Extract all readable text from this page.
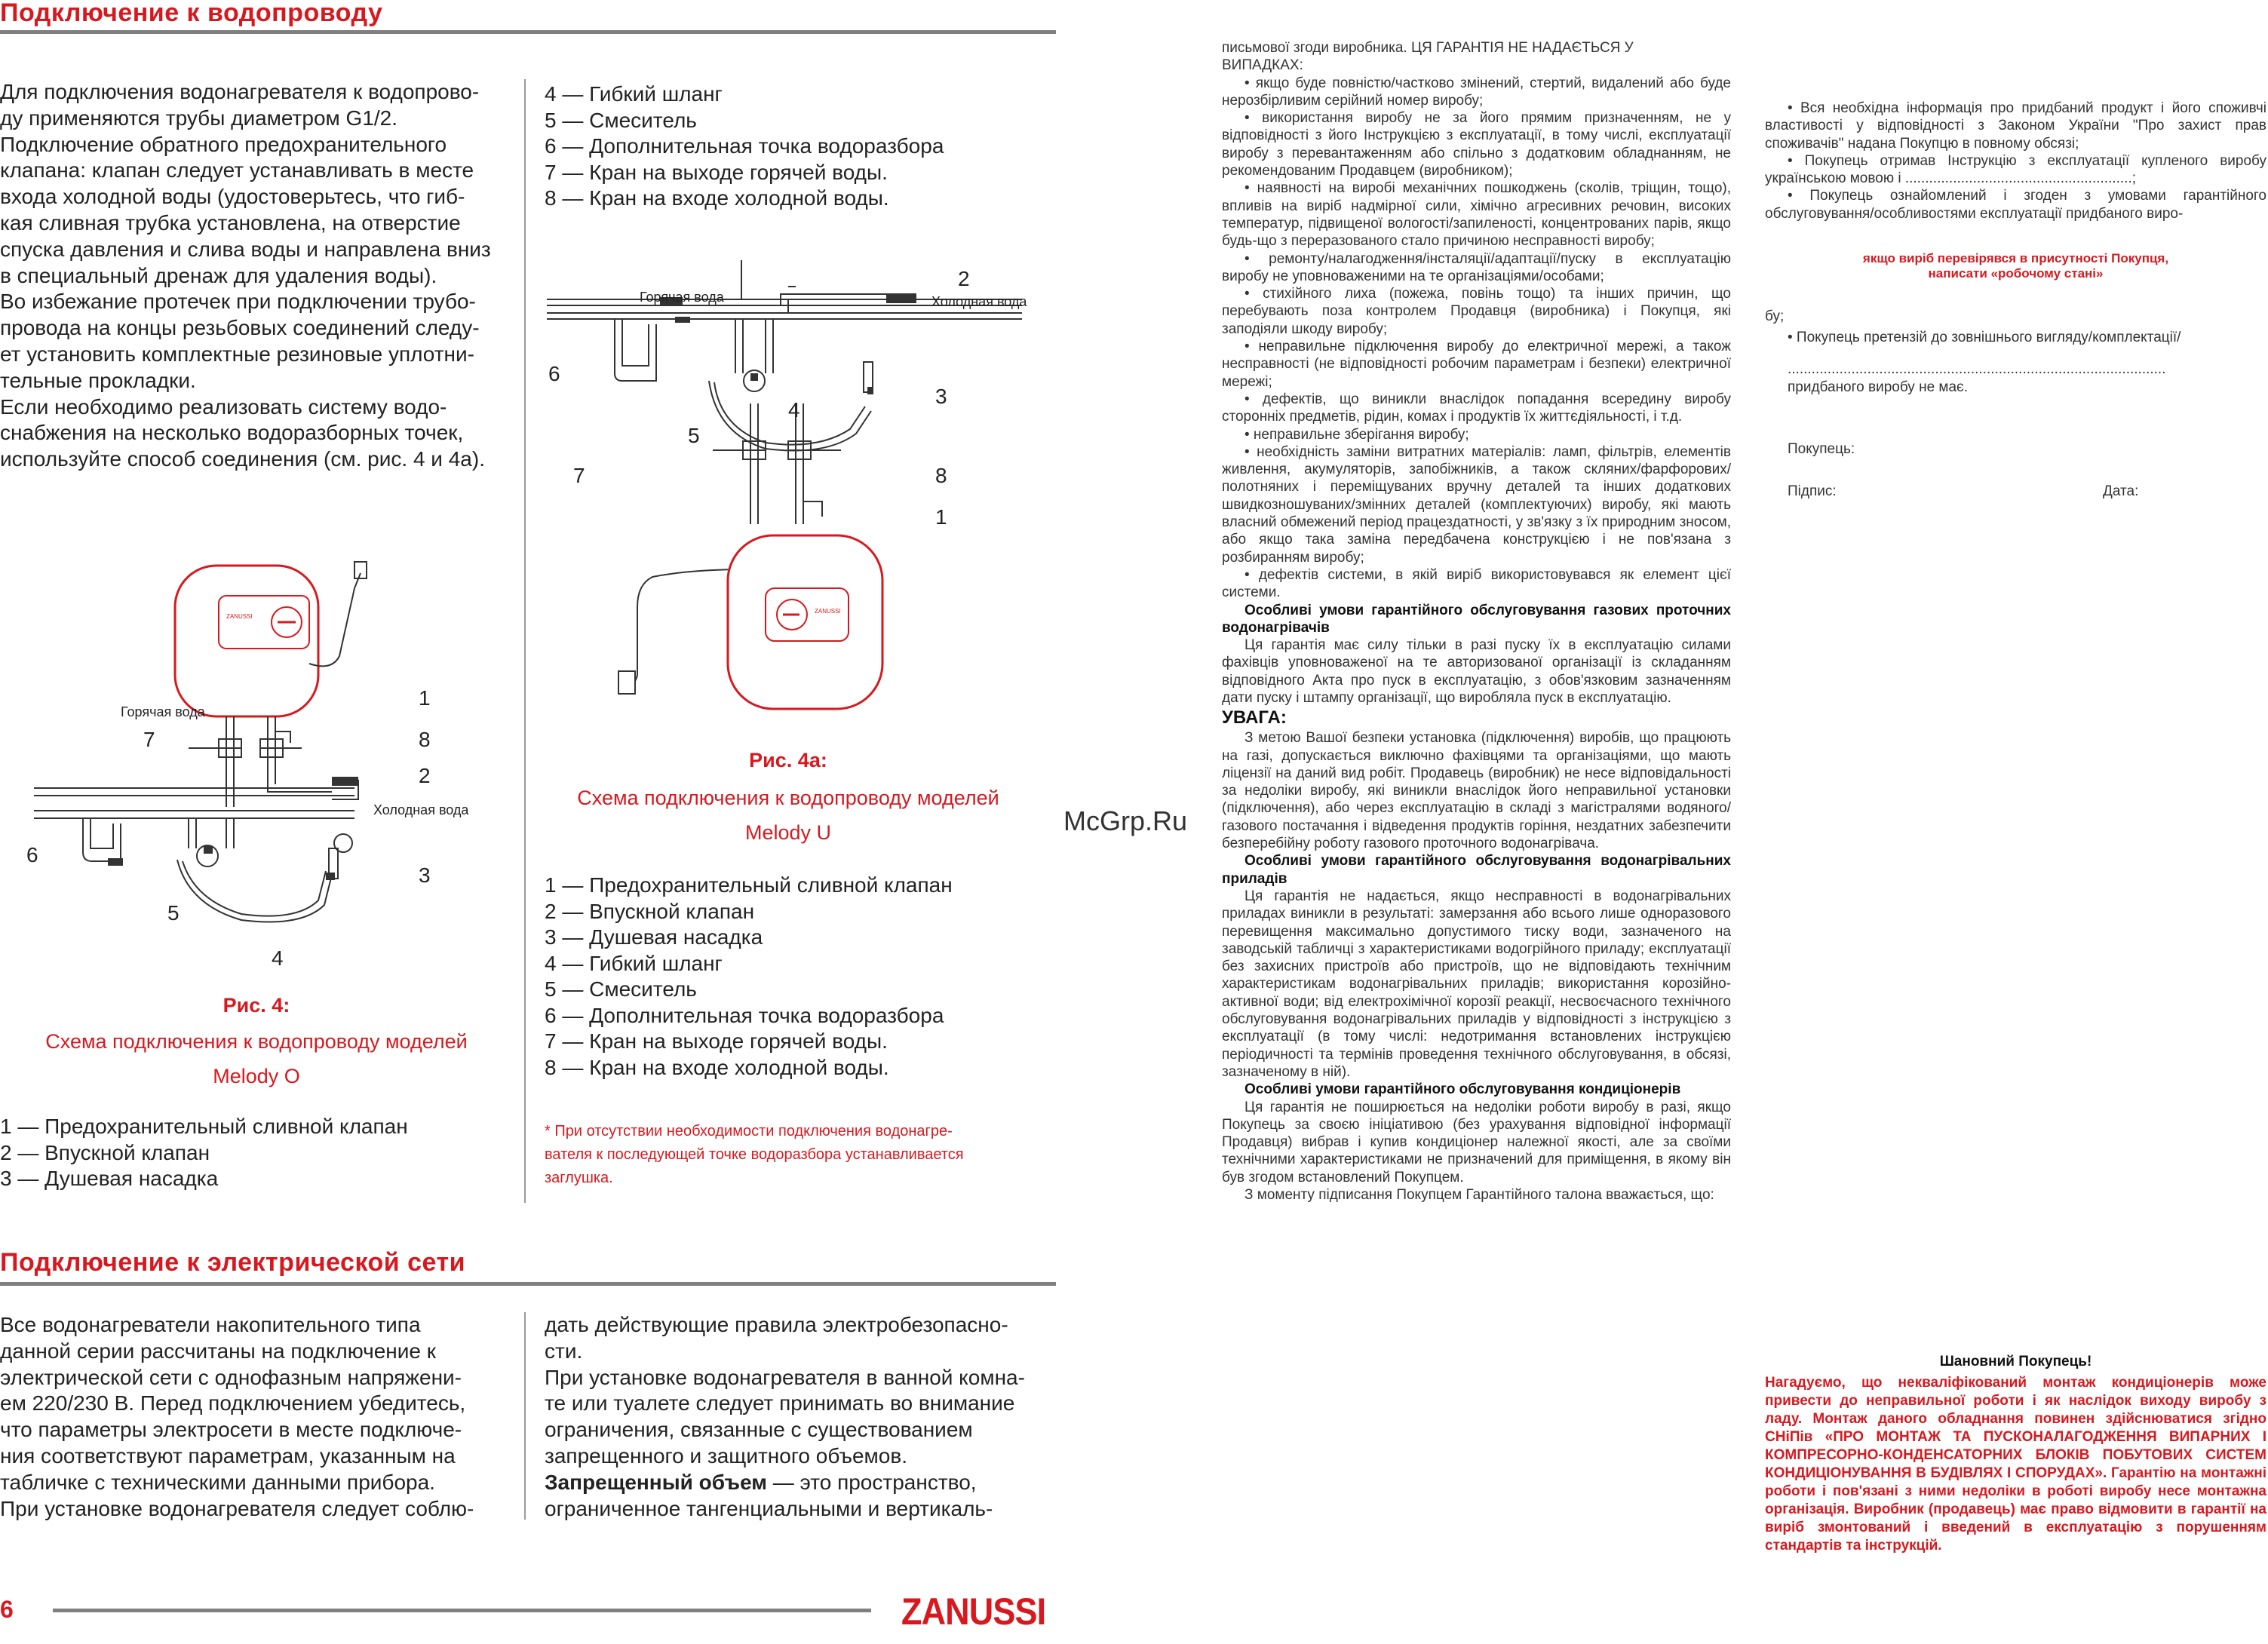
Подключение к водопроводу

Для подключения водонагревателя к водопрово-

ду применяются трубы диаметром G1/2.

Подключение обратного предохранительного

клапана: клапан следует устанавливать в месте

входа холодной воды (удостоверьтесь, что гиб-

кая сливная трубка установлена, на отверстие

спуска давления и слива воды и направлена вниз

в специальный дренаж для удаления воды).

Во избежание протечек при подключении трубо-

провода на концы резьбовых соединений следу-

ет установить комплектные резиновые уплотни-

тельные прокладки.

Если необходимо реализовать систему водо-

снабжения на несколько водоразборных точек,

используйте способ соединения (см. рис. 4 и 4а).

4 — Гибкий шланг
5 — Смеситель
6 — Дополнительная точка водоразбора
7 — Кран на выходе горячей воды.
8 — Кран на входе холодной воды.
ZANUSSI
Горячая вода	Холодная вода
2
6
3
4
5
7	8
1
Рис. 4а:
Схема подключения к водопроводу моделей
Melody U
1 — Предохранительный сливной клапан
2 — Впускной клапан
3 — Душевая насадка
4 — Гибкий шланг
5 — Смеситель
6 — Дополнительная точка водоразбора
7 — Кран на выходе горячей воды.
8 — Кран на входе холодной воды.
* При отсутствии необходимости подключения водонагре-
вателя к последующей точке водоразбора устанавливается
заглушка.
ZANUSSI
Горячая вода
Холодная вода
1
7	8
2
6
3
5
4
Рис. 4:
Схема подключения к водопроводу моделей
Melody O
1 — Предохранительный сливной клапан
2 — Впускной клапан
3 — Душевая насадка
Подключение к электрической сети

Все водонагреватели накопительного типа

данной серии рассчитаны на подключение к

электрической сети с однофазным напряжени-

ем 220/230 В. Перед подключением убедитесь,

что параметры электросети в месте подключе-

ния соответствуют параметрам, указанным на

табличке с техническими данными прибора.

При установке водонагревателя следует соблю-

дать действующие правила электробезопасно-

сти.

При установке водонагревателя в ванной комна-

те или туалете следует принимать во внимание

ограничения, связанные с существованием

запрещенного и защитного объемов.

Запрещенный объем — это пространство,

ограниченное тангенциальными и вертикаль-

6	ZANUSSI
McGrp.Ru

письмової згоди виробника. ЦЯ ГАРАНТІЯ НЕ НАДАЄТЬСЯ У

ВИПАДКАХ:

• якщо буде повністю/частково змінений, стертий, видалений або буде нерозбірливим серійний номер виробу;

• використання виробу не за його прямим призначенням, не у відповідності з його Інструкцією з експлуатації, в тому числі, експлуатації виробу з перевантаженням або спільно з додатковим обладнанням, не рекомендованим Продавцем (виробником);

• наявності на виробі механічних пошкоджень (сколів, тріщин, тощо), впливів на виріб надмірної сили, хімічно агресивних речовин, високих температур, підвищеної вологості/запиленості, концентрованих парів, якщо будь-що з переразованого стало причиною несправності виробу;

• ремонту/налагодження/інсталяції/адаптації/пуску в експлуатацію виробу не уповноваженими на те організаціями/особами;

• стихійного лиха (пожежа, повінь тощо) та інших причин, що перебувають поза контролем Продавця (виробника) і Покупця, які заподіяли шкоду виробу;

• неправильне підключення виробу до електричної мережі, а також несправності (не відповідності робочим параметрам і безпеки) електричної мережі;

• дефектів, що виникли внаслідок попадання всередину виробу сторонніх предметів, рідин, комах і продуктів їх життєдіяльності, і т.д.

• неправильне зберігання виробу;

• необхідність заміни витратних матеріалів: ламп, фільтрів, елементів живлення, акумуляторів, запобіжників, а також скляних/фарфорових/полотняних і переміщуваних вручну деталей та інших додаткових швидкозношуваних/змінних деталей (комплектуючих) виробу, які мають власний обмежений період працездатності, у зв'язку з їх природним зносом, або якщо така заміна передбачена конструкцією і не пов'язана з розбиранням виробу;

• дефектів системи, в якій виріб використовувався як елемент цієї системи.

Особливі умови гарантійного обслуговування газових проточних водонагрівачів

Ця гарантія має силу тільки в разі пуску їх в експлуатацію силами фахівців уповноваженої на те авторизованої організації із складанням відповідного Акта про пуск в експлуатацію, з обов'язковим зазначенням дати пуску і штампу організації, що виробляла пуск в експлуатацію.

УВАГА:

З метою Вашої безпеки установка (підключення) виробів, що працюють на газі, допускається виключно фахівцями та організаціями, що мають ліцензії на даний вид робіт. Продавець (виробник) не несе відповідальності за недоліки виробу, які виникли внаслідок його неправильної установки (підключення), або через експлуатацію в складі з магістралями водяного/газового постачання і відведення продуктів горіння, нездатних забезпечити безперебійну роботу газового проточного водонагрівача.

Особливі умови гарантійного обслуговування водонагрівальних приладів

Ця гарантія не надається, якщо несправності в водонагрівальних приладах виникли в результаті: замерзання або всього лише одноразового перевищення максимально допустимого тиску води, зазначеного на заводській табличці з характеристиками водогрійного приладу; експлуатації без захисних пристроїв або пристроїв, що не відповідають технічним характеристикам водонагрівальних приладів; використання корозійно-активної води; від електрохімічної корозії реакції, несвоєчасного технічного обслуговування водонагрівальних приладів у відповідності з інструкцією з експлуатації (в тому числі: недотримання встановлених інструкцією періодичності та термінів проведення технічного обслуговування, в обсязі, зазначеному в ній).

Особливі умови гарантійного обслуговування кондиціонерів

Ця гарантія не поширюється на недоліки роботи виробу в разі, якщо Покупець за своєю ініціативою (без урахування відповідної інформації Продавця) вибрав і купив кондиціонер належної якості, але за своїми технічними характеристиками не призначений для приміщення, в якому він був згодом встановлений Покупцем.

З моменту підписання Покупцем Гарантійного талона вважається, що:

• Вся необхідна інформація про придбаний продукт і його споживчі властивості у відповідності з Законом України "Про захист прав споживачів" надана Покупцю в повному обсязі;

• Покупець отримав Інструкцію з експлуатації купленого виробу українською мовою і .........................................................;

• Покупець ознайомлений і згоден з умовами гарантійного обслуговування/особливостями експлуатації придбаного виро-

якщо виріб перевірявся в присутності Покупця,
написати «робочому стані»
бу;
• Покупець претензій до зовнішнього вигляду/комплектації/
...............................................................................................
придбаного виробу не має.
Покупець:
Підпис:	Дата:
Шановний Покупець!
Нагадуємо, що некваліфікований монтаж кондиціонерів може привести до неправильної роботи і як наслідок виходу виробу з ладу. Монтаж даного обладнання повинен здійснюватися згідно СНіПів «ПРО МОНТАЖ ТА ПУСКОНАЛАГОДЖЕННЯ ВИПАРНИХ І КОМПРЕСОРНО-КОНДЕНСАТОРНИХ БЛОКІВ ПОБУТОВИХ СИСТЕМ КОНДИЦІОНУВАННЯ В БУДІВЛЯХ І СПОРУДАХ». Гарантію на монтажні роботи і пов'язані з ними недоліки в роботі виробу несе монтажна організація. Виробник (продавець) має право відмовити в гарантії на виріб змонтований і введений в експлуатацію з порушенням стандартів та інструкцій.
